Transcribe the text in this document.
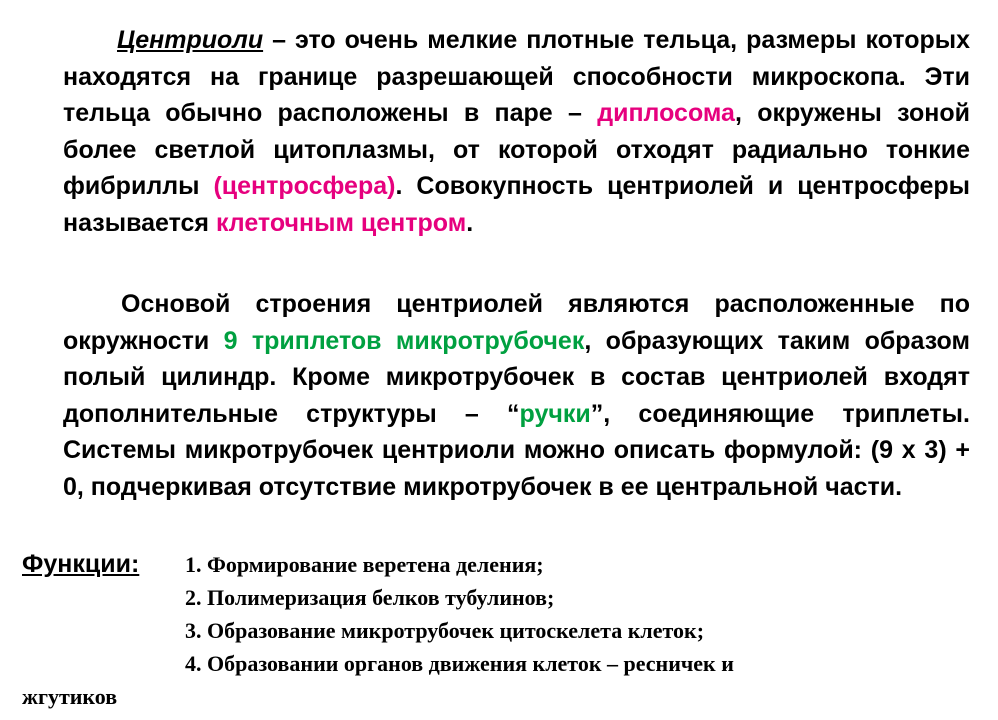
Центриоли – это очень мелкие плотные тельца, размеры которых находятся на границе разрешающей способности микроскопа. Эти тельца обычно расположены в паре – диплосома, окружены зоной более светлой цитоплазмы, от которой отходят радиально тонкие фибриллы (центросфера). Совокупность центриолей и центросферы называется клеточным центром.
Основой строения центриолей являются расположенные по окружности 9 триплетов микротрубочек, образующих таким образом полый цилиндр. Кроме микротрубочек в состав центриолей входят дополнительные структуры – “ручки”, соединяющие триплеты. Системы микротрубочек центриоли можно описать формулой: (9 х 3) + 0, подчеркивая отсутствие микротрубочек в ее центральной части.
Функции: 1. Формирование веретена деления;
2. Полимеризация белков тубулинов;
3. Образование микротрубочек цитоскелета клеток;
4. Образовании органов движения клеток – ресничек и
жгутиков
